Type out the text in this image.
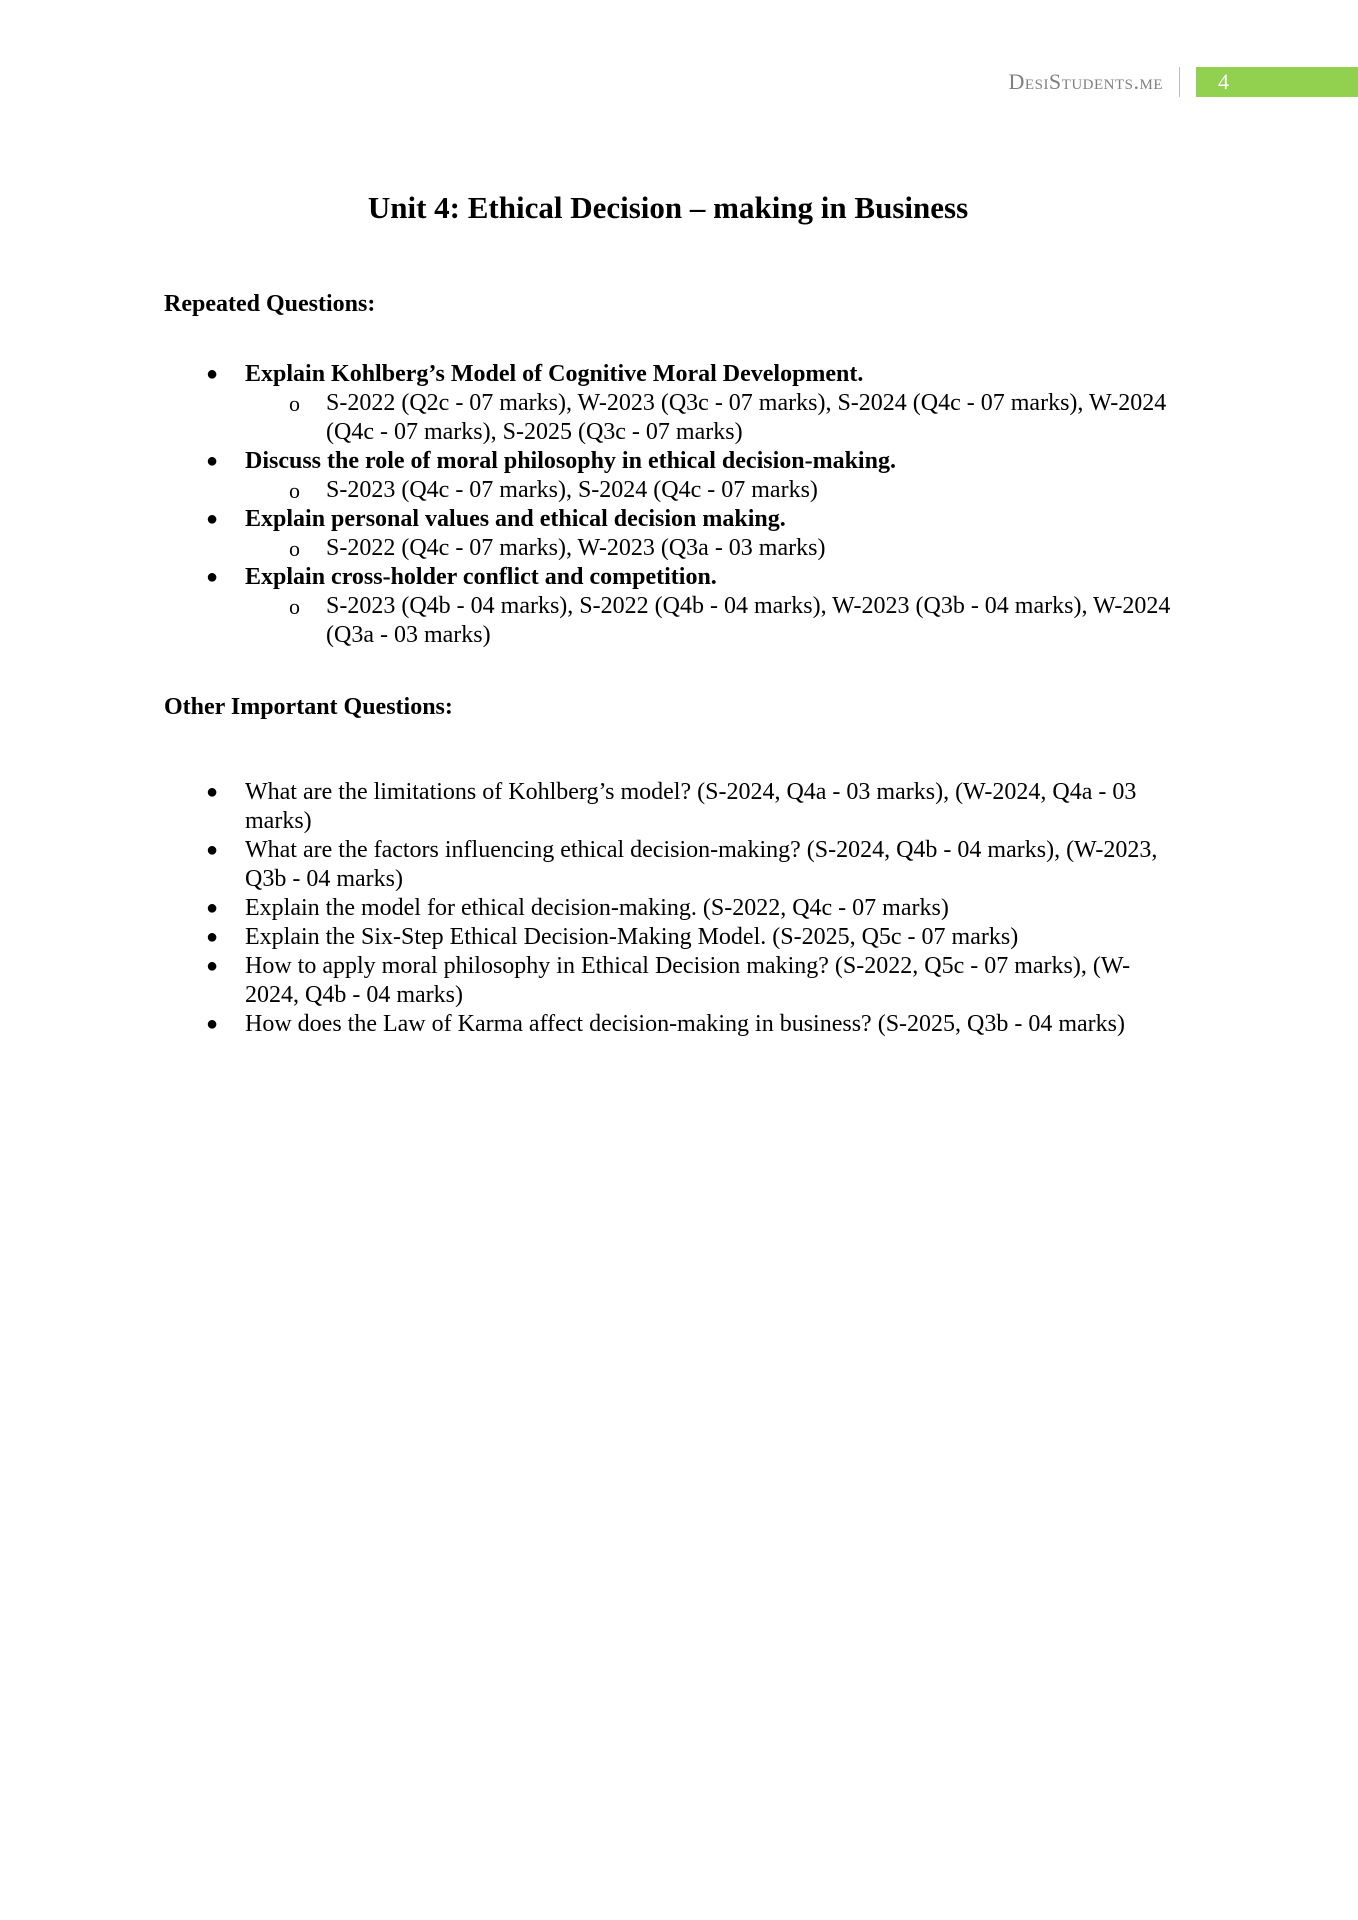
DesiStudents.me	4
Unit 4: Ethical Decision – making in Business
Repeated Questions:
● Explain Kohlberg’s Model of Cognitive Moral Development.
o S-2022 (Q2c - 07 marks), W-2023 (Q3c - 07 marks), S-2024 (Q4c - 07 marks), W-2024 (Q4c - 07 marks), S-2025 (Q3c - 07 marks)
● Discuss the role of moral philosophy in ethical decision-making.
o S-2023 (Q4c - 07 marks), S-2024 (Q4c - 07 marks)
● Explain personal values and ethical decision making.
o S-2022 (Q4c - 07 marks), W-2023 (Q3a - 03 marks)
● Explain cross-holder conflict and competition.
o S-2023 (Q4b - 04 marks), S-2022 (Q4b - 04 marks), W-2023 (Q3b - 04 marks), W-2024 (Q3a - 03 marks)
Other Important Questions:
● What are the limitations of Kohlberg’s model? (S-2024, Q4a - 03 marks), (W-2024, Q4a - 03 marks)
● What are the factors influencing ethical decision-making? (S-2024, Q4b - 04 marks), (W-2023, Q3b - 04 marks)
● Explain the model for ethical decision-making. (S-2022, Q4c - 07 marks)
● Explain the Six-Step Ethical Decision-Making Model. (S-2025, Q5c - 07 marks)
● How to apply moral philosophy in Ethical Decision making? (S-2022, Q5c - 07 marks), (W-2024, Q4b - 04 marks)
● How does the Law of Karma affect decision-making in business? (S-2025, Q3b - 04 marks)
